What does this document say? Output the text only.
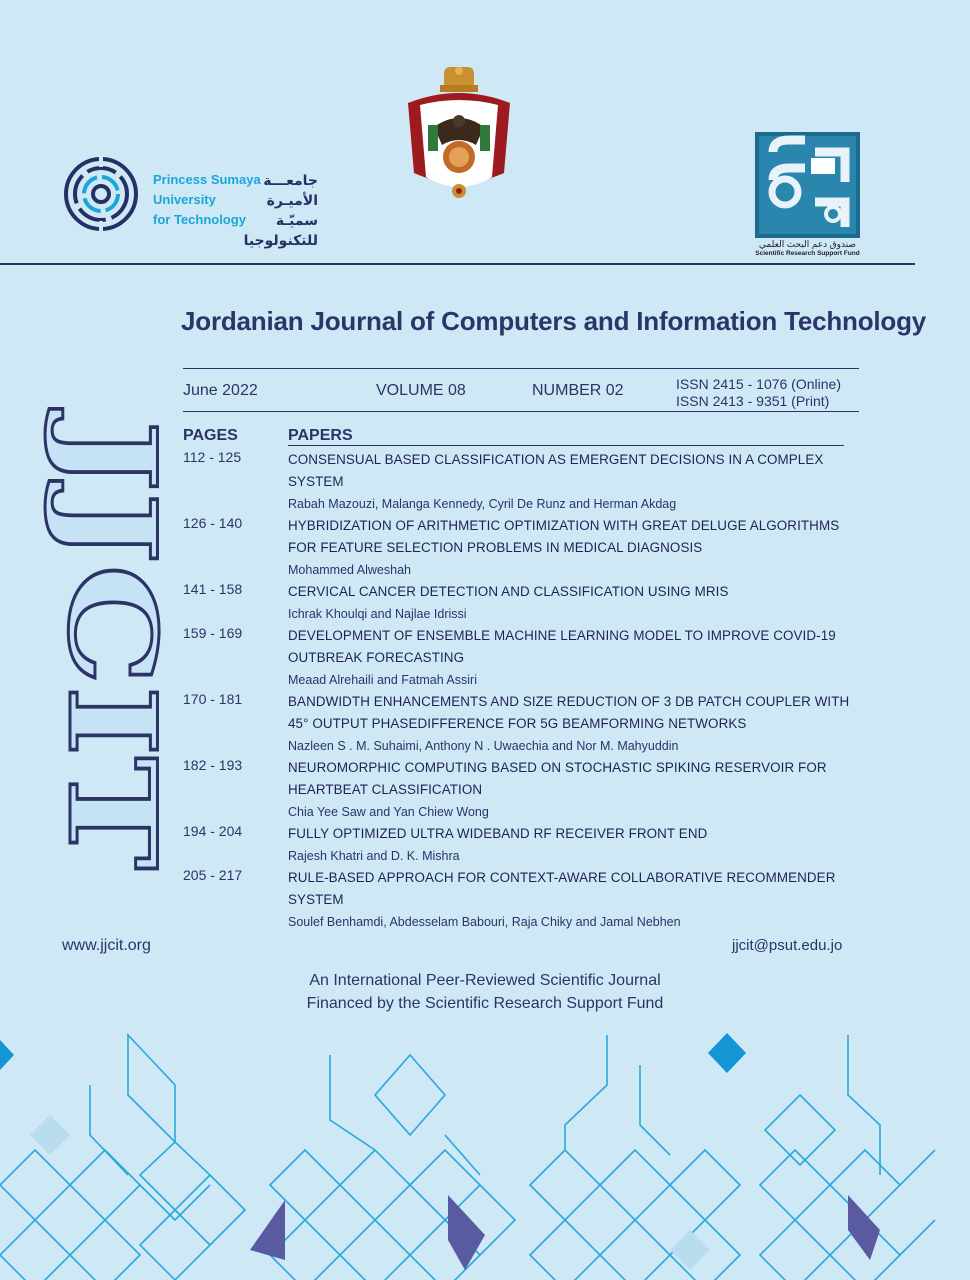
Princess Sumaya
University
for Technology
جامعـــة
الأميـرة سميّـة
للتكنولوجيا	صندوق دعم البحث العلمي
Scientific Research Support Fund
Jordanian Journal of Computers and Information Technology
June 2022	VOLUME 08	NUMBER 02	ISSN 2415 - 1076 (Online)
ISSN 2413 - 9351 (Print)
JJCIT PAGES	PAPERS
112 - 125	CONSENSUAL BASED CLASSIFICATION AS EMERGENT DECISIONS IN A COMPLEX SYSTEM
Rabah Mazouzi, Malanga Kennedy, Cyril De Runz and Herman Akdag
126 - 140	HYBRIDIZATION OF ARITHMETIC OPTIMIZATION WITH GREAT DELUGE ALGORITHMS FOR FEATURE SELECTION PROBLEMS IN MEDICAL DIAGNOSIS
Mohammed Alweshah
141 - 158	CERVICAL CANCER DETECTION AND CLASSIFICATION USING MRIS
Ichrak Khoulqi and Najlae Idrissi
159 - 169	DEVELOPMENT OF ENSEMBLE MACHINE LEARNING MODEL TO IMPROVE COVID-19 OUTBREAK FORECASTING
Meaad Alrehaili and Fatmah Assiri
170 - 181	BANDWIDTH ENHANCEMENTS AND SIZE REDUCTION OF 3 DB PATCH COUPLER WITH 45° OUTPUT PHASEDIFFERENCE FOR 5G BEAMFORMING NETWORKS
Nazleen S . M. Suhaimi, Anthony N . Uwaechia and Nor M. Mahyuddin
182 - 193	NEUROMORPHIC COMPUTING BASED ON STOCHASTIC SPIKING RESERVOIR FOR HEARTBEAT CLASSIFICATION
Chia Yee Saw and Yan Chiew Wong
194 - 204	FULLY OPTIMIZED ULTRA WIDEBAND RF RECEIVER FRONT END
Rajesh Khatri and D. K. Mishra
205 - 217	RULE-BASED APPROACH FOR CONTEXT-AWARE COLLABORATIVE RECOMMENDER SYSTEM
Soulef Benhamdi, Abdesselam Babouri, Raja Chiky and Jamal Nebhen
www.jjcit.org	jjcit@psut.edu.jo
An International Peer-Reviewed Scientific Journal
Financed by the Scientific Research Support Fund
